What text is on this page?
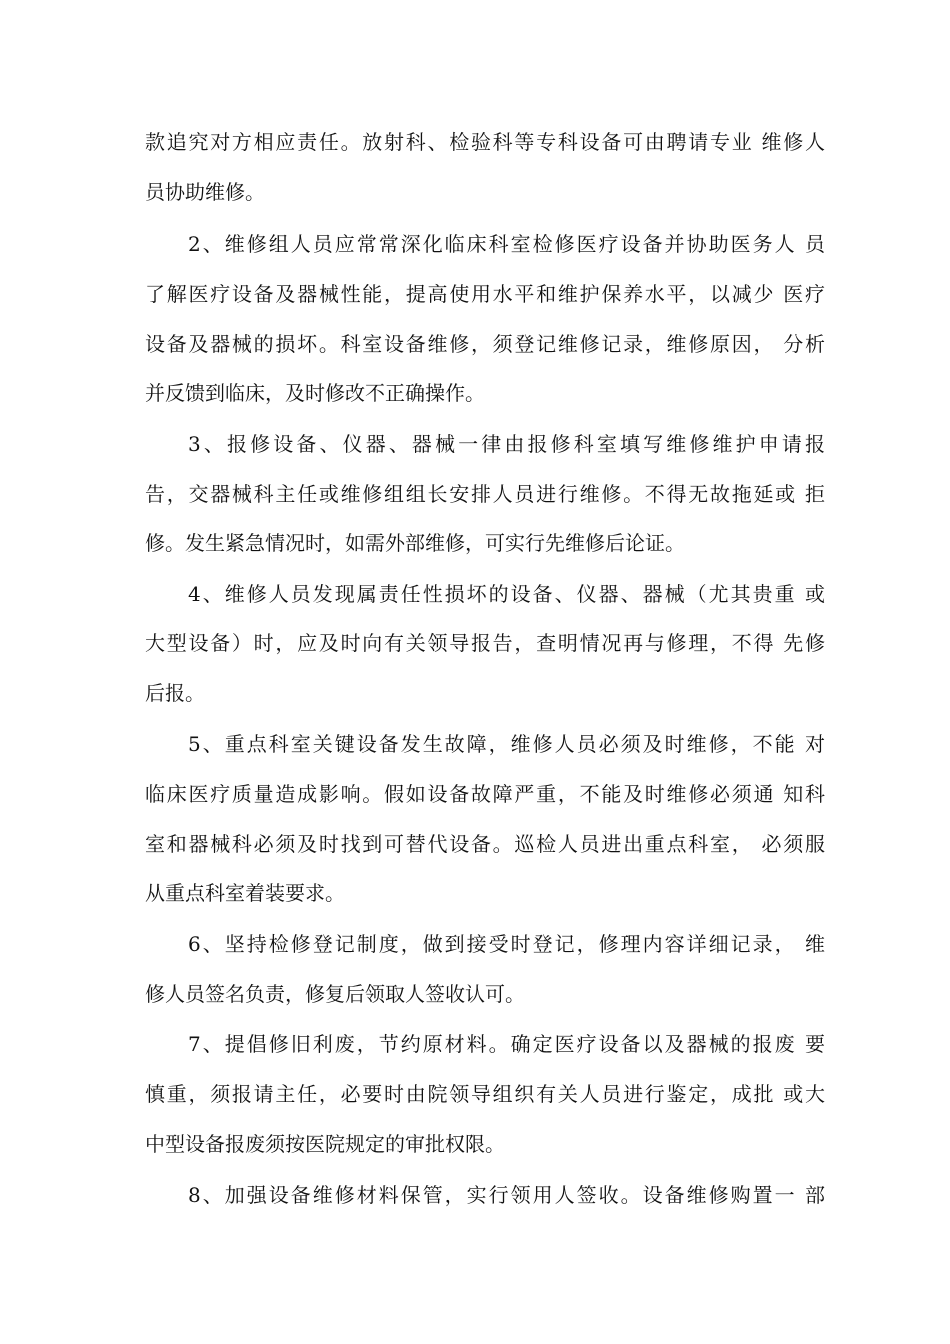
款追究对方相应责任。放射科、检验科等专科设备可由聘请专业 维修人
员协助维修。
2、维修组人员应常常深化临床科室检修医疗设备并协助医务人 员
了解医疗设备及器械性能，提高使用水平和维护保养水平，以减少 医疗
设备及器械的损坏。科室设备维修，须登记维修记录，维修原因， 分析
并反馈到临床，及时修改不正确操作。
3、报修设备、仪器、器械一律由报修科室填写维修维护申请报
告，交器械科主任或维修组组长安排人员进行维修。不得无故拖延或 拒
修。发生紧急情况时，如需外部维修，可实行先维修后论证。
4、维修人员发现属责任性损坏的设备、仪器、器械（尤其贵重 或
大型设备）时，应及时向有关领导报告，查明情况再与修理，不得 先修
后报。
5、重点科室关键设备发生故障，维修人员必须及时维修，不能 对
临床医疗质量造成影响。假如设备故障严重，不能及时维修必须通 知科
室和器械科必须及时找到可替代设备。巡检人员进出重点科室， 必须服
从重点科室着装要求。
6、坚持检修登记制度，做到接受时登记，修理内容详细记录， 维
修人员签名负责，修复后领取人签收认可。
7、提倡修旧利废，节约原材料。确定医疗设备以及器械的报废 要
慎重，须报请主任，必要时由院领导组织有关人员进行鉴定，成批 或大
中型设备报废须按医院规定的审批权限。
8、加强设备维修材料保管，实行领用人签收。设备维修购置一 部
